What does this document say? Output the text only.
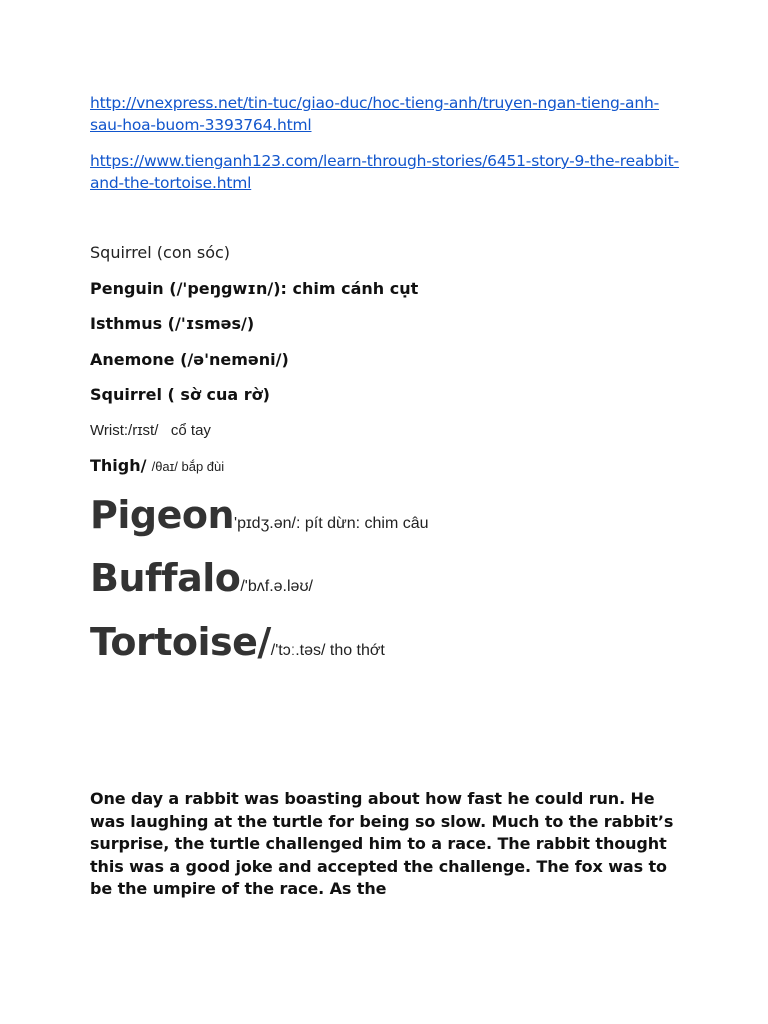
http://vnexpress.net/tin-tuc/giao-duc/hoc-tieng-anh/truyen-ngan-tieng-anh-sau-hoa-buom-3393764.html
https://www.tienganh123.com/learn-through-stories/6451-story-9-the-reabbit-and-the-tortoise.html
Squirrel (con sóc)
Penguin (/'peŋgwɪn/): chim cánh cụt
Isthmus (/'ɪsməs/)
Anemone (/ə'neməni/)
Squirrel ( sờ cua rờ)
Wrist:/rɪst/   cổ tay
Thigh/ /θaɪ/ bắp đùi
Pigeon'pɪdʒ.ən/: pít dừn: chim câu
Buffalo/'bʌf.ə.ləʊ/
Tortoise//'tɔː.təs/ tho thớt
One day a rabbit was boasting about how fast he could run. He was laughing at the turtle for being so slow. Much to the rabbit’s surprise, the turtle challenged him to a race. The rabbit thought this was a good joke and accepted the challenge. The fox was to be the umpire of the race. As the
